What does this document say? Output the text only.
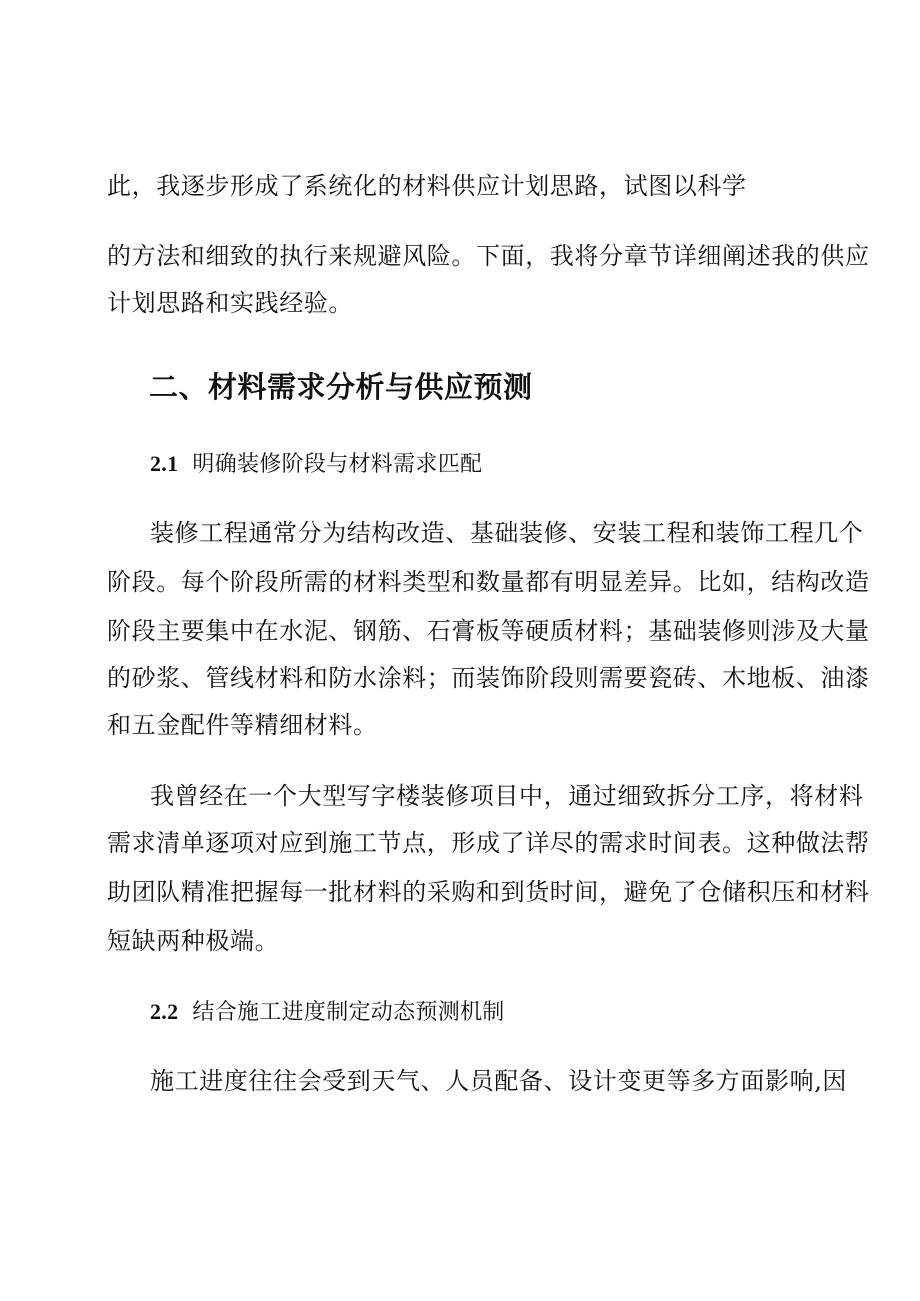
此，我逐步形成了系统化的材料供应计划思路，试图以科学
的方法和细致的执行来规避风险。下面，我将分章节详细阐述我的供应
计划思路和实践经验。
二、材料需求分析与供应预测
2.1 明确装修阶段与材料需求匹配
装修工程通常分为结构改造、基础装修、安装工程和装饰工程几个
阶段。每个阶段所需的材料类型和数量都有明显差异。比如，结构改造
阶段主要集中在水泥、钢筋、石膏板等硬质材料；基础装修则涉及大量
的砂浆、管线材料和防水涂料；而装饰阶段则需要瓷砖、木地板、油漆
和五金配件等精细材料。
我曾经在一个大型写字楼装修项目中，通过细致拆分工序，将材料
需求清单逐项对应到施工节点，形成了详尽的需求时间表。这种做法帮
助团队精准把握每一批材料的采购和到货时间，避免了仓储积压和材料
短缺两种极端。
2.2 结合施工进度制定动态预测机制
施工进度往往会受到天气、人员配备、设计变更等多方面影响,因
